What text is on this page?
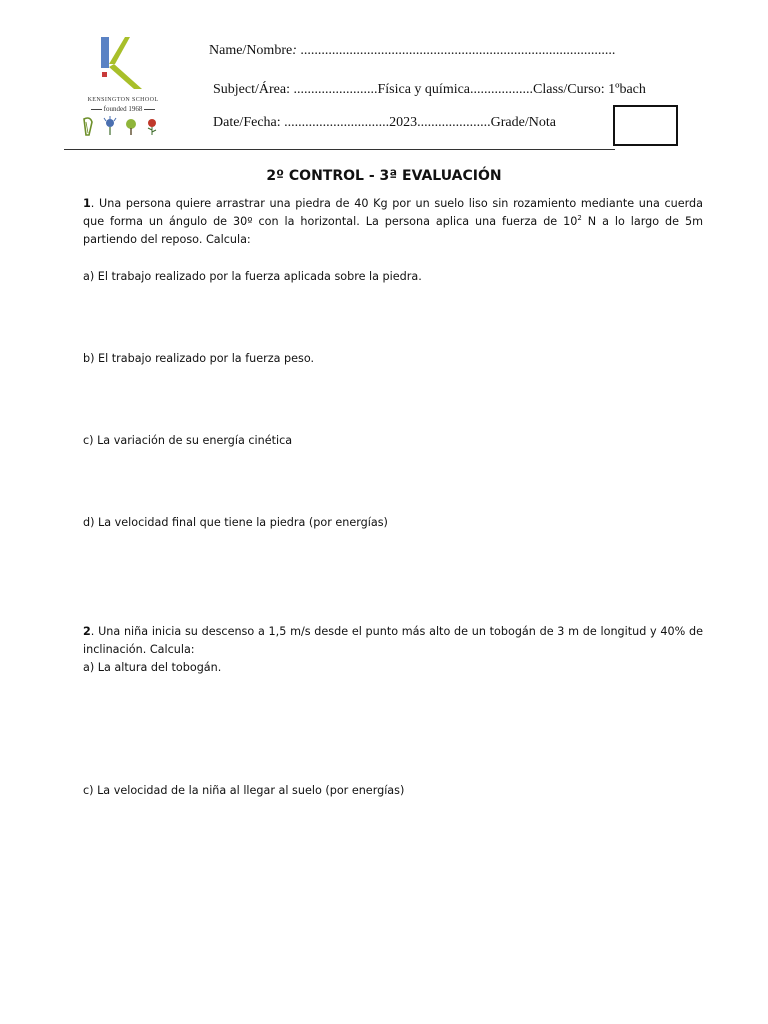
KENSINGTON SCHOOL
founded 1968

Name/Nombre: ..........................................................................................

Subject/Área: ........................Física y química..................Class/Curso: 1ºbach

Date/Fecha: ..............................2023.....................Grade/Nota

2º CONTROL - 3ª EVALUACIÓN

1. Una persona quiere arrastrar una piedra de 40 Kg por un suelo liso sin rozamiento mediante una cuerda que forma un ángulo de 30º con la horizontal. La persona aplica una fuerza de $10^2$ N a lo largo de 5m partiendo del reposo. Calcula:

a) El trabajo realizado por la fuerza aplicada sobre la piedra.

b) El trabajo realizado por la fuerza peso.

c) La variación de su energía cinética

d) La velocidad final que tiene la piedra (por energías)

2. Una niña inicia su descenso a 1,5 m/s desde el punto más alto de un tobogán de 3 m de longitud y 40% de inclinación. Calcula:

a) La altura del tobogán.

c) La velocidad de la niña al llegar al suelo (por energías)
